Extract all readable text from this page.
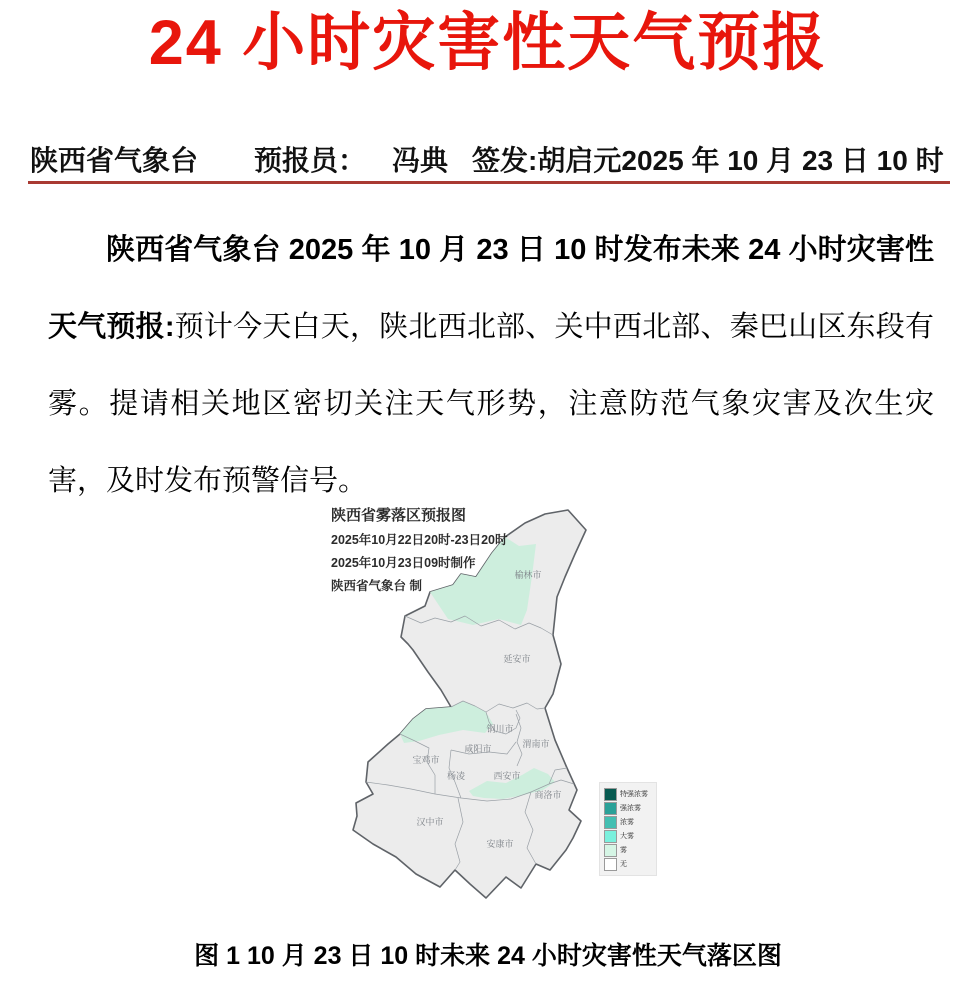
24 小时灾害性天气预报
陕西省气象台 预报员： 冯典 签发:胡启元 2025 年 10 月 23 日 10 时

陕西省气象台 2025 年 10 月 23 日 10 时发布未来 24 小时灾害性天气预报:预计今天白天，陕北西北部、关中西北部、秦巴山区东段有雾。提请相关地区密切关注天气形势，注意防范气象灾害及次生灾害，及时发布预警信号。

榆林市
延安市
铜川市
渭南市
咸阳市
宝鸡市
杨凌	西安市
商洛市
汉中市
安康市
陕西省雾落区预报图
2025年10月22日20时-23日20时
2025年10月23日09时制作
陕西省气象台 制
特强浓雾
强浓雾
浓雾
大雾
雾
无
图 1 10 月 23 日 10 时未来 24 小时灾害性天气落区图
